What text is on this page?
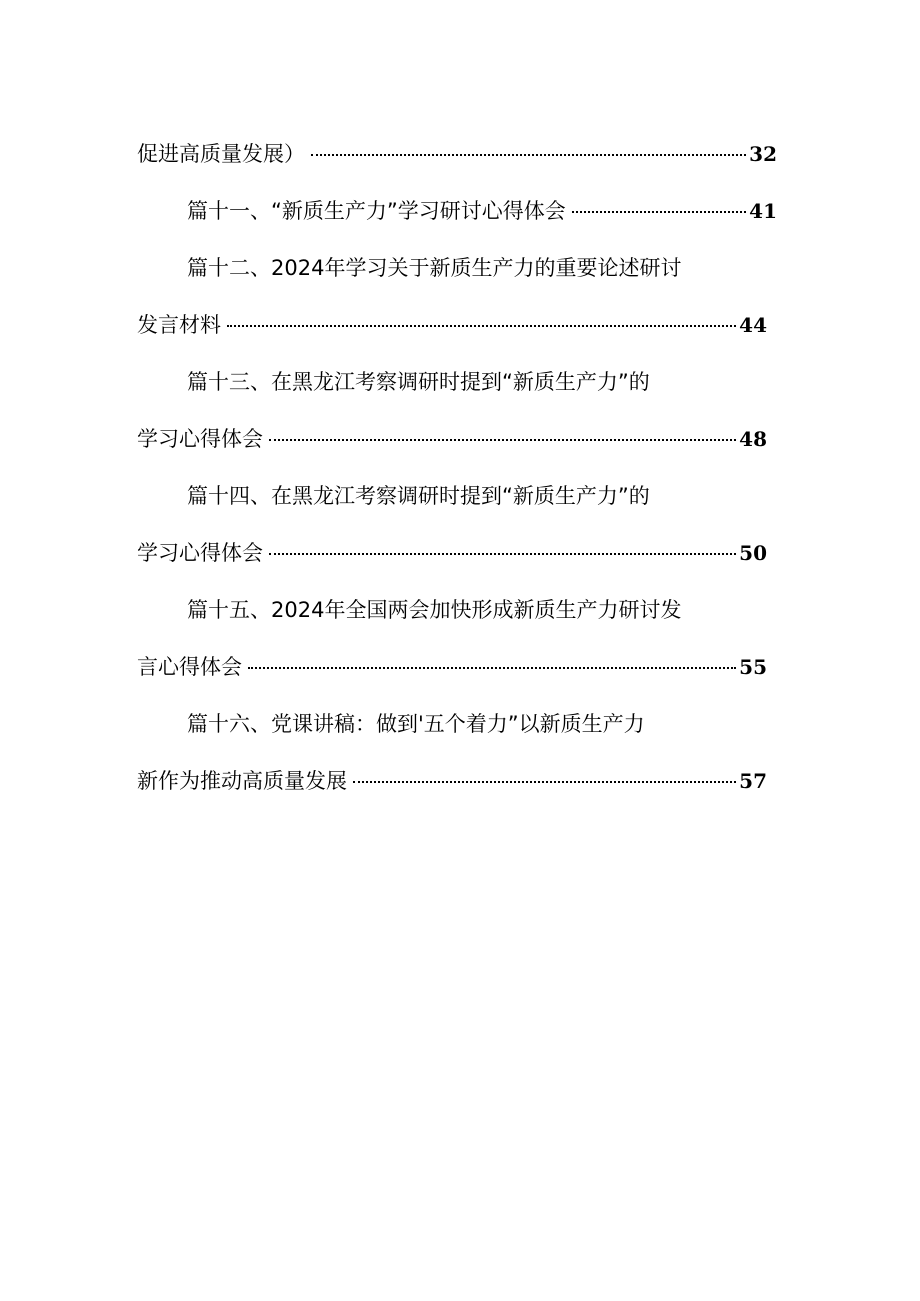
促进高质量发展）	32
篇十一、“新质生产力”学习研讨心得体会	41
篇十二、2024年学习关于新质生产力的重要论述研讨
发言材料	44
篇十三、在黑龙江考察调研时提到“新质生产力”的
学习心得体会	48
篇十四、在黑龙江考察调研时提到“新质生产力”的
学习心得体会	50
篇十五、2024年全国两会加快形成新质生产力研讨发
言心得体会	55
篇十六、党课讲稿：做到'五个着力”以新质生产力
新作为推动高质量发展	57
